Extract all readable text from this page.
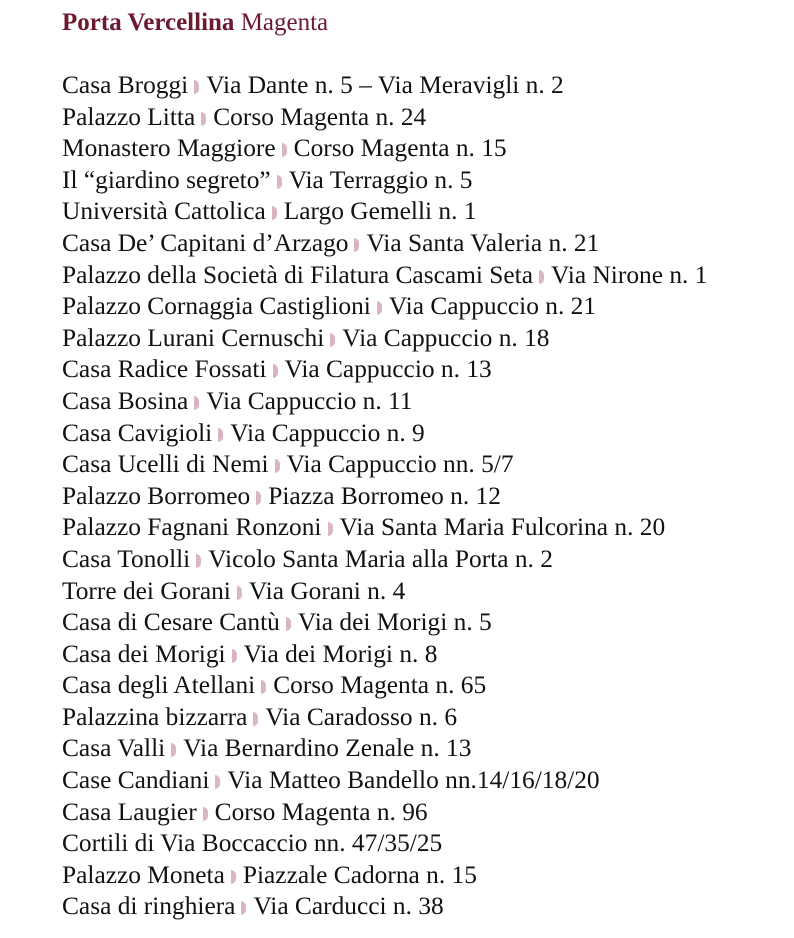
Porta Vercellina Magenta
Casa Broggi Via Dante n. 5 – Via Meravigli n. 2
Palazzo Litta Corso Magenta n. 24
Monastero Maggiore Corso Magenta n. 15
Il “giardino segreto” Via Terraggio n. 5
Università Cattolica Largo Gemelli n. 1
Casa De’ Capitani d’Arzago Via Santa Valeria n. 21
Palazzo della Società di Filatura Cascami Seta Via Nirone n. 1
Palazzo Cornaggia Castiglioni Via Cappuccio n. 21
Palazzo Lurani Cernuschi Via Cappuccio n. 18
Casa Radice Fossati Via Cappuccio n. 13
Casa Bosina Via Cappuccio n. 11
Casa Cavigioli Via Cappuccio n. 9
Casa Ucelli di Nemi Via Cappuccio nn. 5/7
Palazzo Borromeo Piazza Borromeo n. 12
Palazzo Fagnani Ronzoni Via Santa Maria Fulcorina n. 20
Casa Tonolli Vicolo Santa Maria alla Porta n. 2
Torre dei Gorani Via Gorani n. 4
Casa di Cesare Cantù Via dei Morigi n. 5
Casa dei Morigi Via dei Morigi n. 8
Casa degli Atellani Corso Magenta n. 65
Palazzina bizzarra Via Caradosso n. 6
Casa Valli Via Bernardino Zenale n. 13
Case Candiani Via Matteo Bandello nn.14/16/18/20
Casa Laugier Corso Magenta n. 96
Cortili di Via Boccaccio nn. 47/35/25
Palazzo Moneta Piazzale Cadorna n. 15
Casa di ringhiera Via Carducci n. 38
